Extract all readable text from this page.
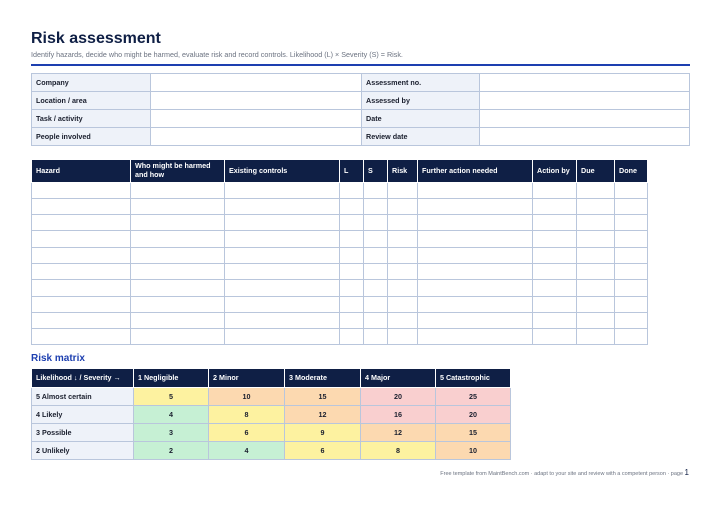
Risk assessment
Identify hazards, decide who might be harmed, evaluate risk and record controls. Likelihood (L) × Severity (S) = Risk.
Company		Assessment no.	
Location / area		Assessed by	
Task / activity		Date	
People involved		Review date	
Hazard	Who might be harmed and how	Existing controls	L	S	Risk	Further action needed	Action by	Due	Done

Risk matrix
Likelihood ↓ / Severity →	1 Negligible	2 Minor	3 Moderate	4 Major	5 Catastrophic
5 Almost certain	5	10	15	20	25
4 Likely	4	8	12	16	20
3 Possible	3	6	9	12	15
2 Unlikely	2	4	6	8	10
Free template from MaintBench.com · adapt to your site and review with a competent person · page 1
